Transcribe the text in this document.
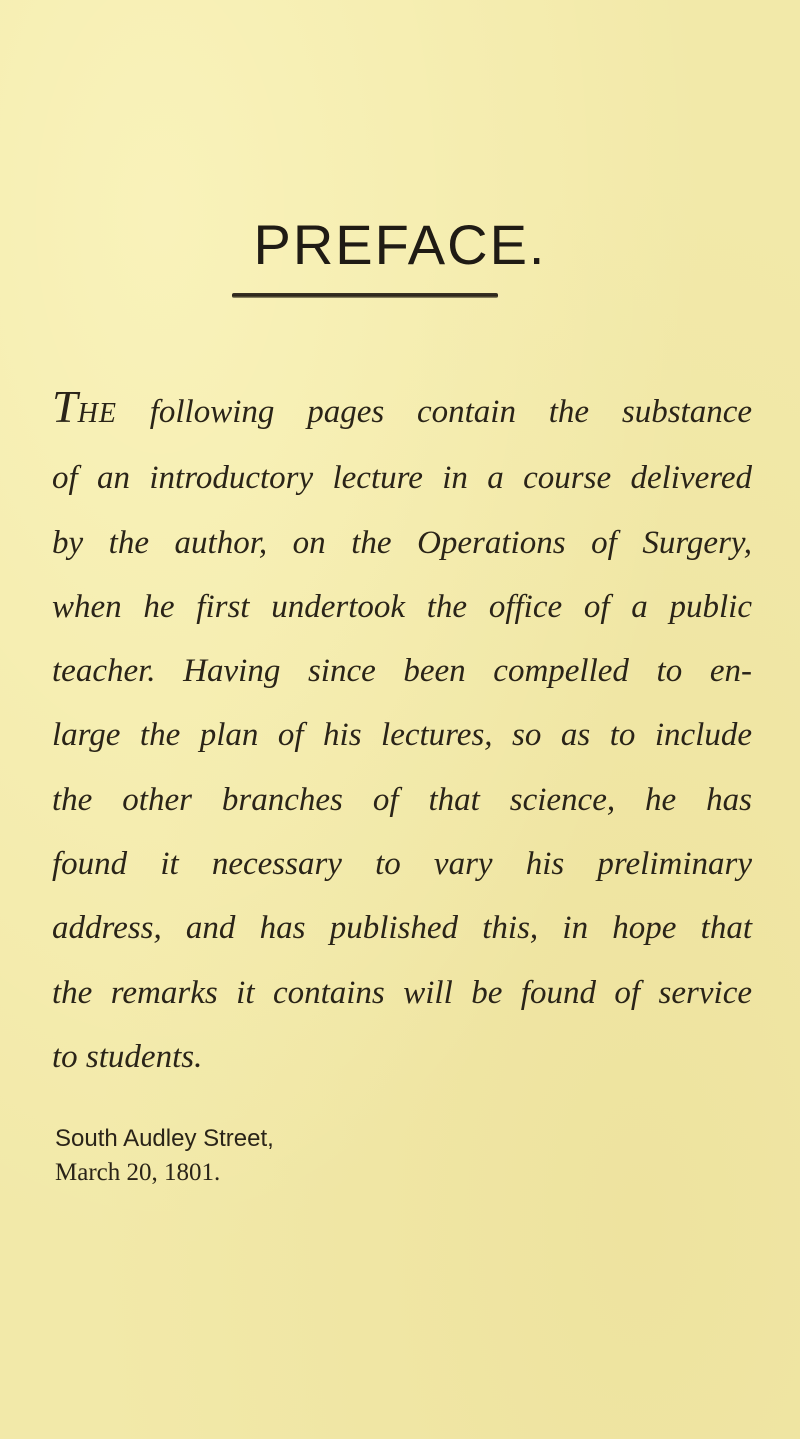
PREFACE.
THE following pages contain the substance
of an introductory lecture in a course delivered
by the author, on the Operations of Surgery,
when he first undertook the office of a public
teacher. Having since been compelled to en-
large the plan of his lectures, so as to include
the other branches of that science, he has
found it necessary to vary his preliminary
address, and has published this, in hope that
the remarks it contains will be found of service
to students.
South Audley Street,
March 20, 1801.
